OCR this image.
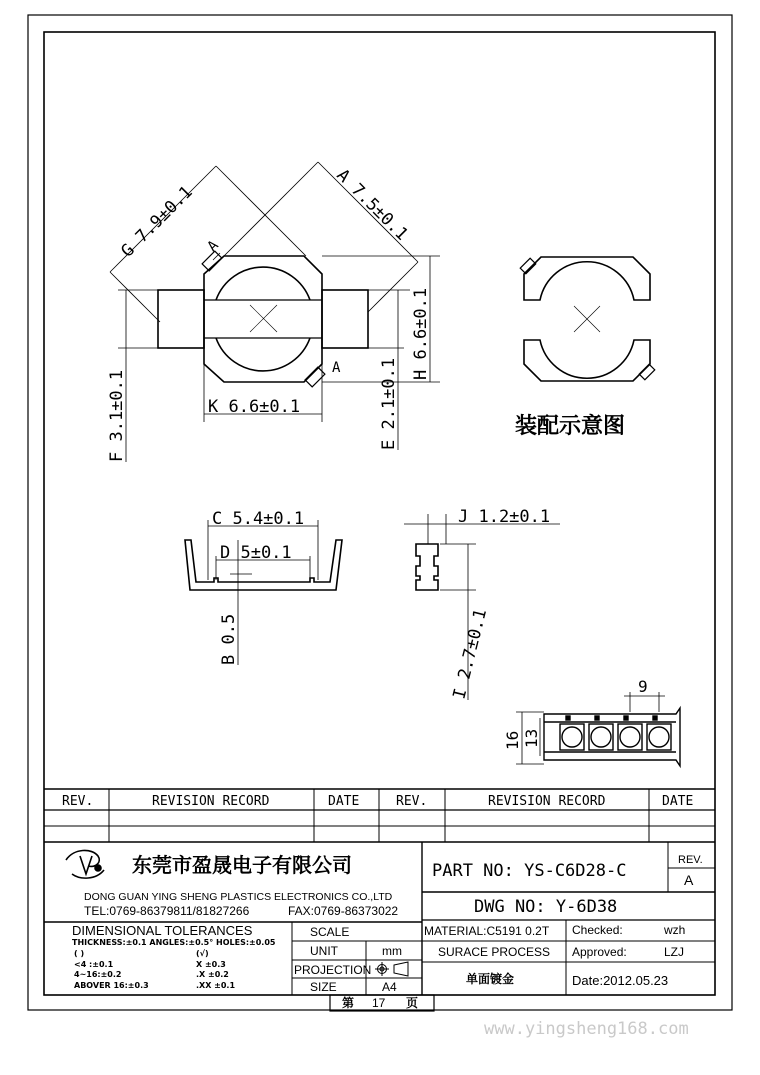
G 7.9±0.1	A 7.5±0.1
A
A	H 6.6±0.1
E 2.1±0.1
F 3.1±0.1	K 6.6±0.1
装配示意图
C 5.4±0.1
D 5±0.1
B 0.5
J 1.2±0.1
I 2.7±0.1	9
16 13
REV.	REVISION RECORD	DATE	REV.	REVISION RECORD	DATE
东莞市盈晟电子有限公司
DONG GUAN YING SHENG PLASTICS ELECTRONICS CO.,LTD
TEL:0769-86379811/81827266	FAX:0769-86373022
PART NO: YS-C6D28-C
REV.
A
DWG NO: Y-6D38
DIMENSIONAL TOLERANCES
THICKNESS:±0.1 ANGLES:±0.5° HOLES:±0.05
( )	(√)
<4 :±0.1	X ±0.3
4~16:±0.2	.X ±0.2
ABOVER 16:±0.3	.XX ±0.1
SCALE
UNIT	mm
PROJECTION
SIZE	A4
MATERIAL:C5191 0.2T
SURACE PROCESS
单面镀金
Checked:	wzh
Approved:	LZJ
Date:2012.05.23
第 17 页
www.yingsheng168.com
